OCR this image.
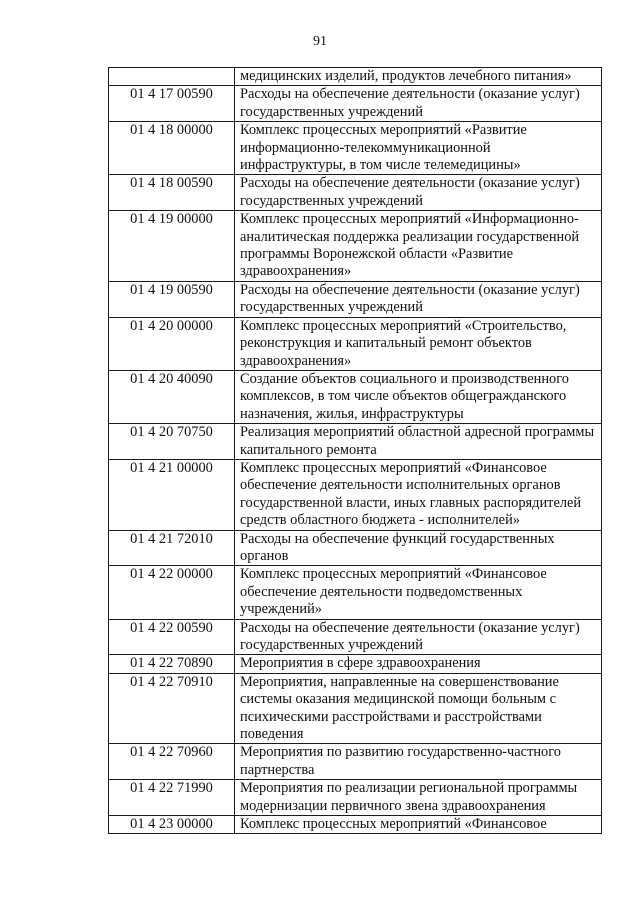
91
	медицинских изделий, продуктов лечебного питания»
01 4 17 00590	Расходы на обеспечение деятельности (оказание услуг) государственных учреждений
01 4 18 00000	Комплекс процессных мероприятий «Развитие информационно-телекоммуникационной инфраструктуры, в том числе телемедицины»
01 4 18 00590	Расходы на обеспечение деятельности (оказание услуг) государственных учреждений
01 4 19 00000	Комплекс процессных мероприятий «Информационно-аналитическая поддержка реализации государственной программы Воронежской области «Развитие здравоохранения»
01 4 19 00590	Расходы на обеспечение деятельности (оказание услуг) государственных учреждений
01 4 20 00000	Комплекс процессных мероприятий «Строительство, реконструкция и капитальный ремонт объектов здравоохранения»
01 4 20 40090	Создание объектов социального и производственного комплексов, в том числе объектов общегражданского назначения, жилья, инфраструктуры
01 4 20 70750	Реализация мероприятий областной адресной программы капитального ремонта
01 4 21 00000	Комплекс процессных мероприятий «Финансовое обеспечение деятельности исполнительных органов государственной власти, иных главных распорядителей средств областного бюджета - исполнителей»
01 4 21 72010	Расходы на обеспечение функций государственных органов
01 4 22 00000	Комплекс процессных мероприятий «Финансовое обеспечение деятельности подведомственных учреждений»
01 4 22 00590	Расходы на обеспечение деятельности (оказание услуг) государственных учреждений
01 4 22 70890	Мероприятия в сфере здравоохранения
01 4 22 70910	Мероприятия, направленные на совершенствование системы оказания медицинской помощи больным с психическими расстройствами и расстройствами поведения
01 4 22 70960	Мероприятия по развитию государственно-частного партнерства
01 4 22 71990	Мероприятия по реализации региональной программы модернизации первичного звена здравоохранения
01 4 23 00000	Комплекс процессных мероприятий «Финансовое
